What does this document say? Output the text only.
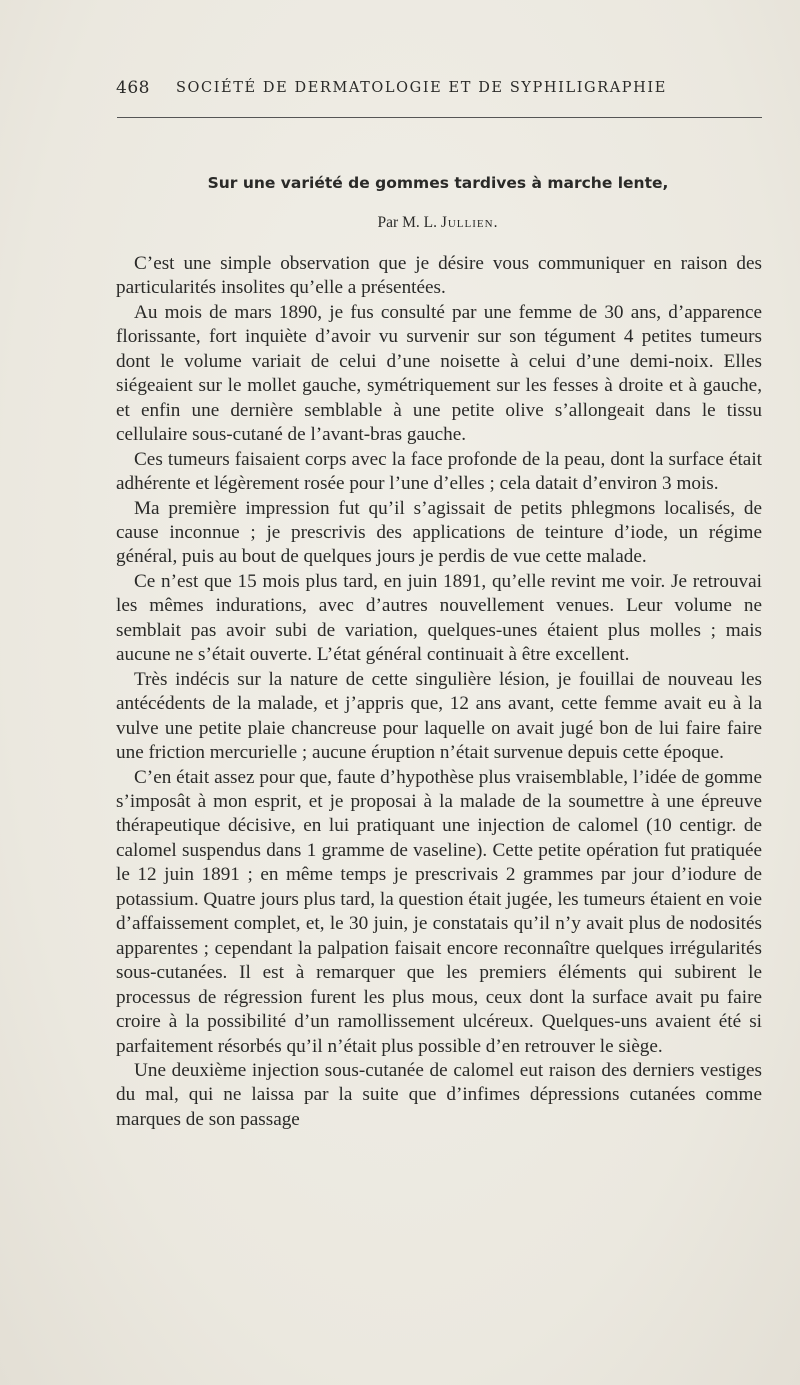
468 SOCIÉTÉ DE DERMATOLOGIE ET DE SYPHILIGRAPHIE
Sur une variété de gommes tardives à marche lente,
Par M. L. Jullien.

C’est une simple observation que je désire vous communiquer en raison des particularités insolites qu’elle a présentées.

Au mois de mars 1890, je fus consulté par une femme de 30 ans, d’apparence florissante, fort inquiète d’avoir vu survenir sur son tégument 4 petites tumeurs dont le volume variait de celui d’une noisette à celui d’une demi-noix. Elles siégeaient sur le mollet gauche, symétriquement sur les fesses à droite et à gauche, et enfin une dernière semblable à une petite olive s’allongeait dans le tissu cellulaire sous-cutané de l’avant-bras gauche.

Ces tumeurs faisaient corps avec la face profonde de la peau, dont la surface était adhérente et légèrement rosée pour l’une d’elles ; cela datait d’environ 3 mois.

Ma première impression fut qu’il s’agissait de petits phlegmons localisés, de cause inconnue ; je prescrivis des applications de teinture d’iode, un régime général, puis au bout de quelques jours je perdis de vue cette malade.

Ce n’est que 15 mois plus tard, en juin 1891, qu’elle revint me voir. Je retrouvai les mêmes indurations, avec d’autres nouvellement venues. Leur volume ne semblait pas avoir subi de variation, quelques-unes étaient plus molles ; mais aucune ne s’était ouverte. L’état général continuait à être excellent.

Très indécis sur la nature de cette singulière lésion, je fouillai de nouveau les antécédents de la malade, et j’appris que, 12 ans avant, cette femme avait eu à la vulve une petite plaie chancreuse pour laquelle on avait jugé bon de lui faire faire une friction mercurielle ; aucune éruption n’était survenue depuis cette époque.

C’en était assez pour que, faute d’hypothèse plus vraisemblable, l’idée de gomme s’imposât à mon esprit, et je proposai à la malade de la soumettre à une épreuve thérapeutique décisive, en lui pratiquant une injection de calomel (10 centigr. de calomel suspendus dans 1 gramme de vaseline). Cette petite opération fut pratiquée le 12 juin 1891 ; en même temps je prescrivais 2 grammes par jour d’iodure de potassium. Quatre jours plus tard, la question était jugée, les tumeurs étaient en voie d’affaissement complet, et, le 30 juin, je constatais qu’il n’y avait plus de nodosités apparentes ; cependant la palpation faisait encore reconnaître quelques irrégularités sous-cutanées. Il est à remarquer que les premiers éléments qui subirent le processus de régression furent les plus mous, ceux dont la surface avait pu faire croire à la possibilité d’un ramollissement ulcéreux. Quelques-uns avaient été si parfaitement résorbés qu’il n’était plus possible d’en retrouver le siège.

Une deuxième injection sous-cutanée de calomel eut raison des derniers vestiges du mal, qui ne laissa par la suite que d’infimes dépressions cutanées comme marques de son passage
